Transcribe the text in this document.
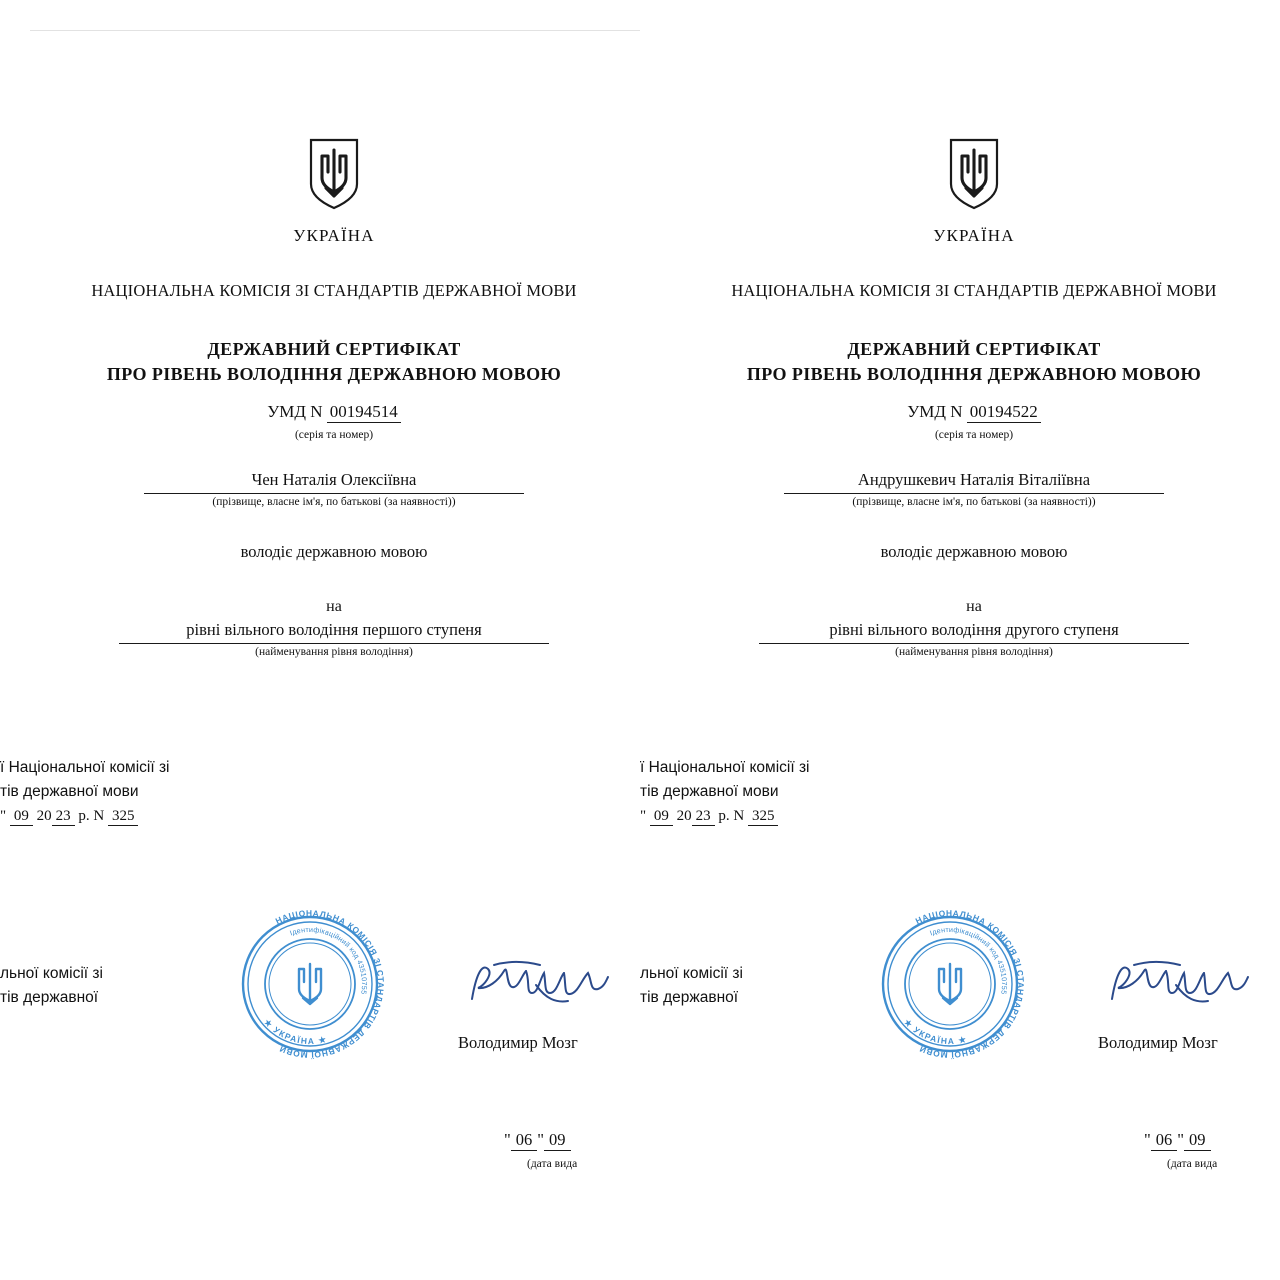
УКРАЇНА
НАЦІОНАЛЬНА КОМІСІЯ ЗІ СТАНДАРТІВ ДЕРЖАВНОЇ МОВИ
ДЕРЖАВНИЙ СЕРТИФІКАТ
ПРО РІВЕНЬ ВОЛОДІННЯ ДЕРЖАВНОЮ МОВОЮ
УМД N 00194514
(серія та номер)
Чен Наталія Олексіївна
(прізвище, власне ім'я, по батькові (за наявності))
володіє державною мовою
на
рівні вільного володіння першого ступеня
(найменування рівня володіння)
ї Національної комісії зі
тів державної мови
" 09 20 23 р. N 325
льної комісії зі
тів державної
НАЦІОНАЛЬНА КОМІСІЯ ЗІ СТАНДАРТІВ ДЕРЖАВНОЇ МОВИ
Ідентифікаційний код 43510755
★ УКРАЇНА ★	Володимир Мозг
" 06 " 09
(дата вида
УКРАЇНА
НАЦІОНАЛЬНА КОМІСІЯ ЗІ СТАНДАРТІВ ДЕРЖАВНОЇ МОВИ
ДЕРЖАВНИЙ СЕРТИФІКАТ
ПРО РІВЕНЬ ВОЛОДІННЯ ДЕРЖАВНОЮ МОВОЮ
УМД N 00194522
(серія та номер)
Андрушкевич Наталія Віталіївна
(прізвище, власне ім'я, по батькові (за наявності))
володіє державною мовою
на
рівні вільного володіння другого ступеня
(найменування рівня володіння)
ї Національної комісії зі
тів державної мови
" 09 20 23 р. N 325
льної комісії зі
тів державної
НАЦІОНАЛЬНА КОМІСІЯ ЗІ СТАНДАРТІВ ДЕРЖАВНОЇ МОВИ
Ідентифікаційний код 43510755
★ УКРАЇНА ★	Володимир Мозг
" 06 " 09
(дата вида
